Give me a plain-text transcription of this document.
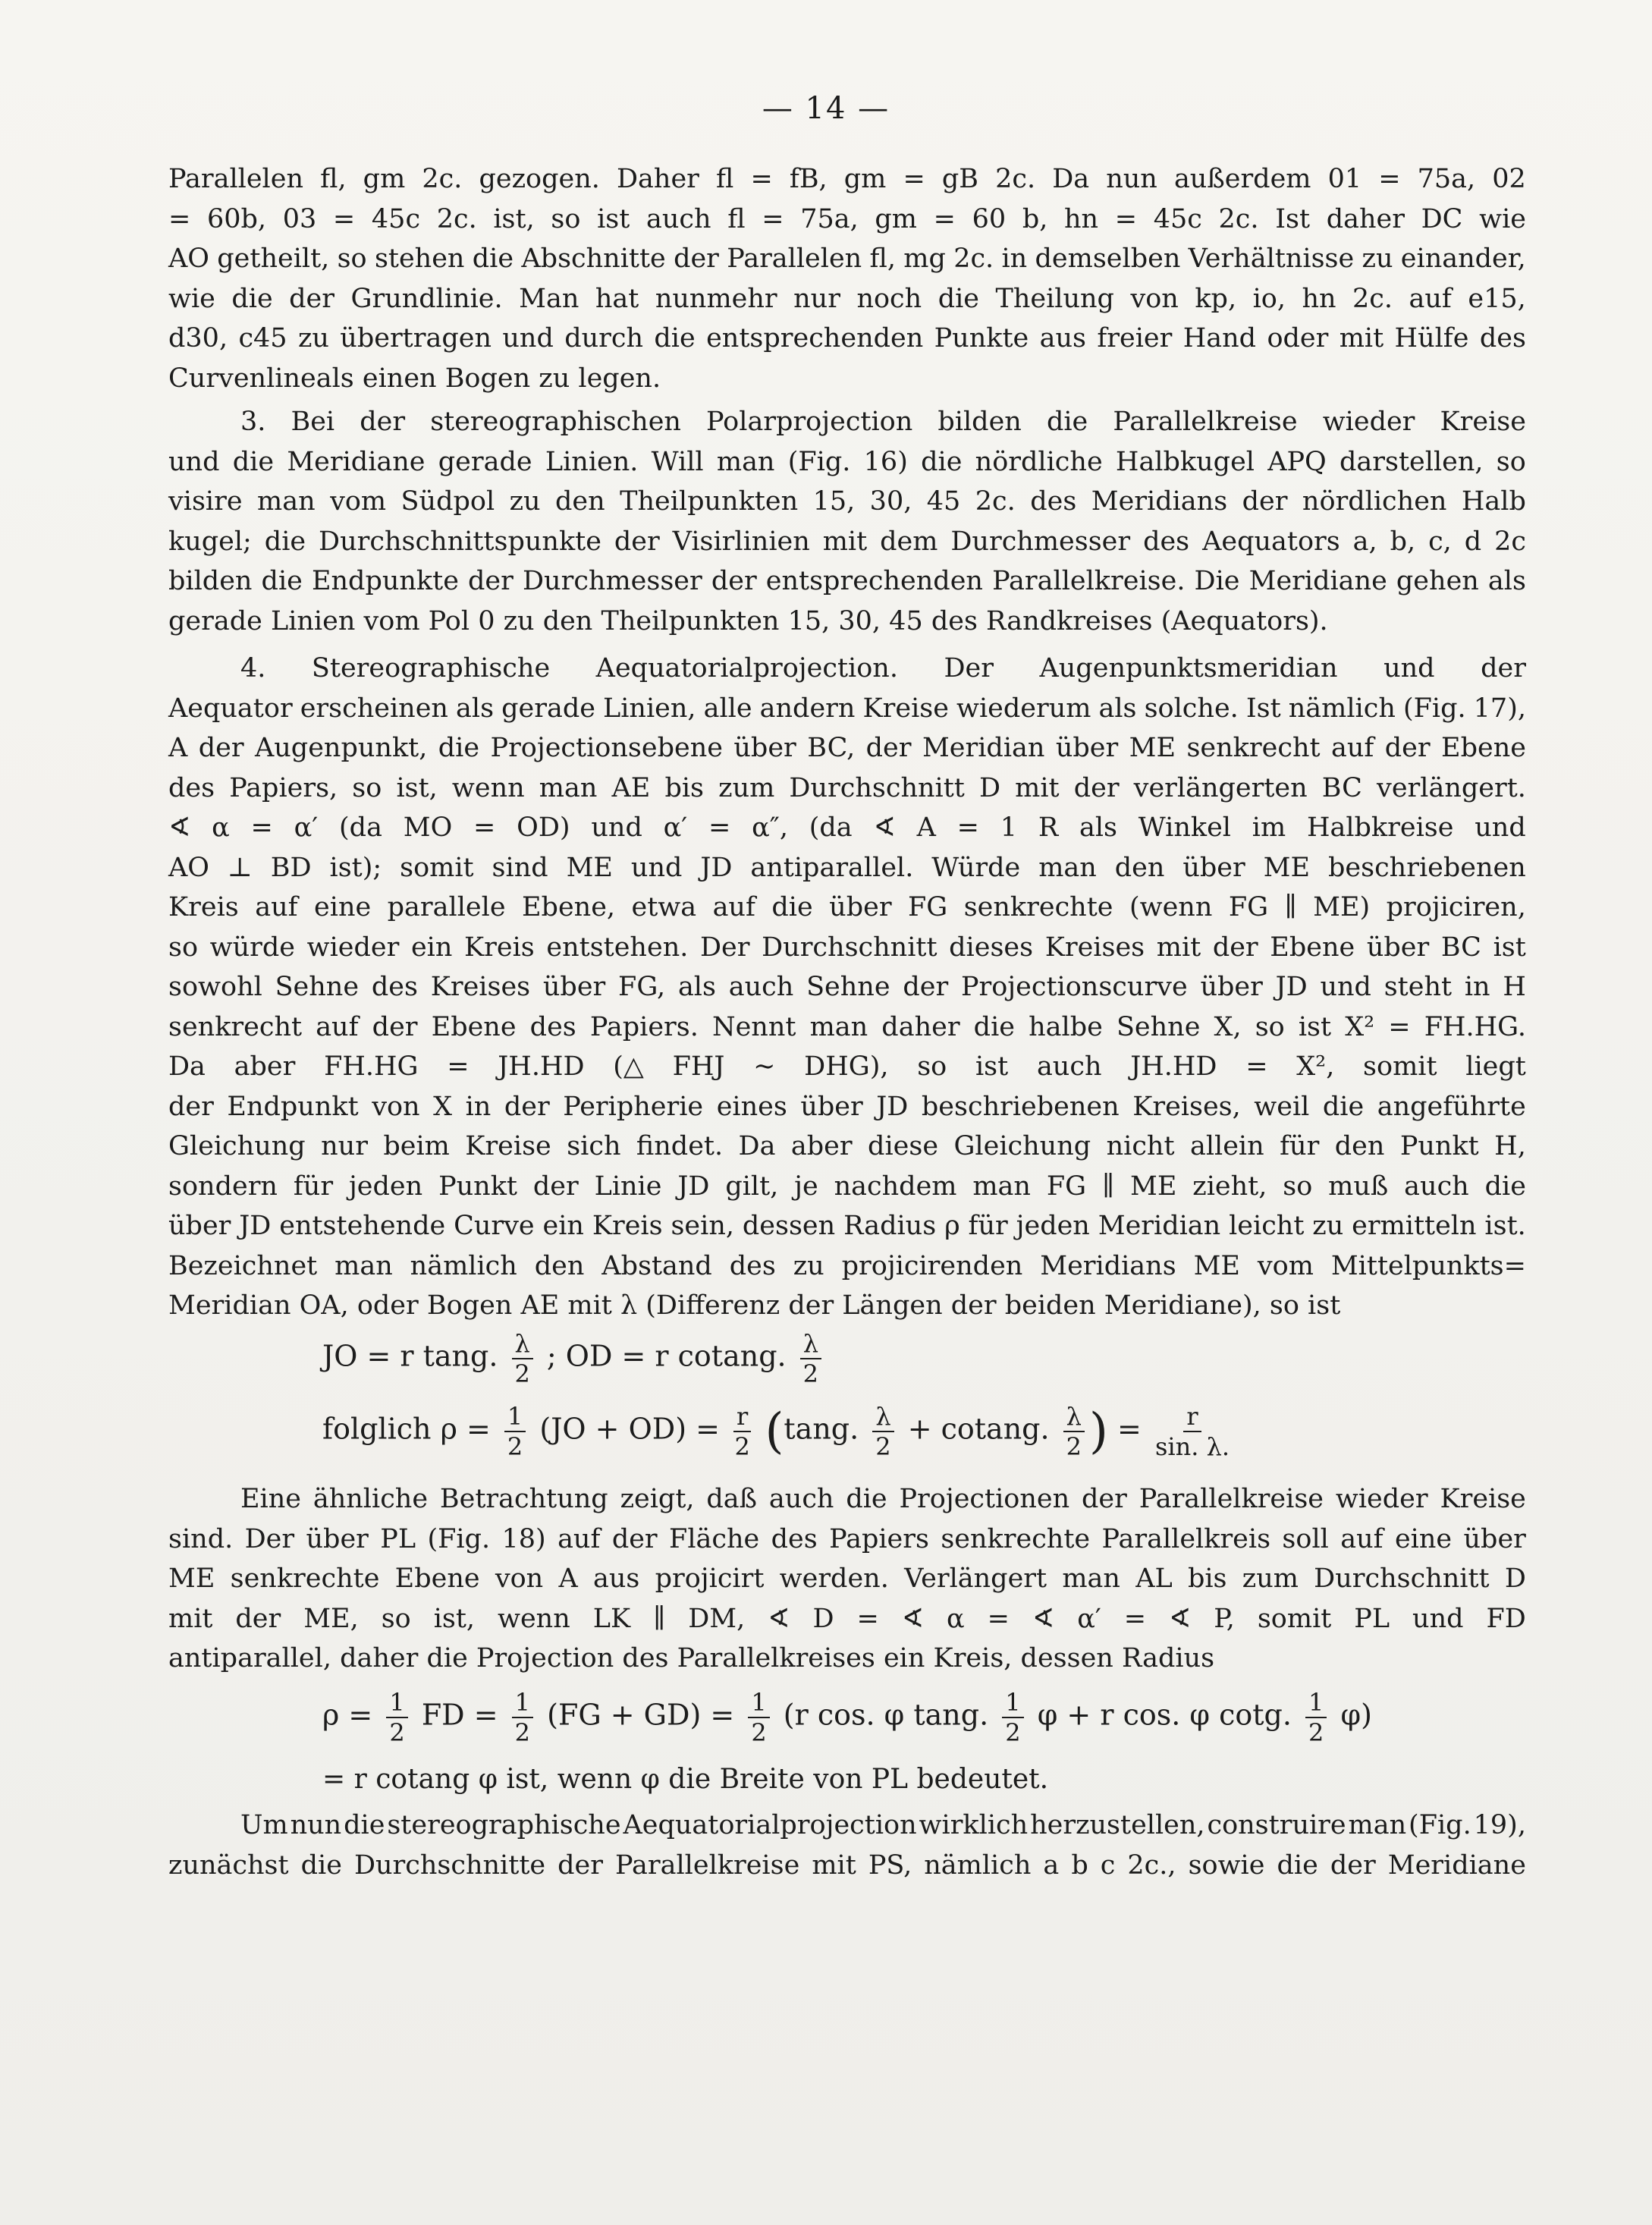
— 14 —
Parallelen fl, gm 2c. gezogen. Daher fl = fB, gm = gB 2c. Da nun außerdem 01 = 75a, 02
= 60b, 03 = 45c 2c. ist, so ist auch fl = 75a, gm = 60 b, hn = 45c 2c. Ist daher DC wie
AO getheilt, so stehen die Abschnitte der Parallelen fl, mg 2c. in demselben Verhältnisse zu einander,
wie die der Grundlinie. Man hat nunmehr nur noch die Theilung von kp, io, hn 2c. auf e15,
d30, c45 zu übertragen und durch die entsprechenden Punkte aus freier Hand oder mit Hülfe des
Curvenlineals einen Bogen zu legen.
3. Bei der stereographischen Polarprojection bilden die Parallelkreise wieder Kreise
und die Meridiane gerade Linien. Will man (Fig. 16) die nördliche Halbkugel APQ darstellen, so
visire man vom Südpol zu den Theilpunkten 15, 30, 45 2c. des Meridians der nördlichen Halb
kugel; die Durchschnittspunkte der Visirlinien mit dem Durchmesser des Aequators a, b, c, d 2c
bilden die Endpunkte der Durchmesser der entsprechenden Parallelkreise. Die Meridiane gehen als
gerade Linien vom Pol 0 zu den Theilpunkten 15, 30, 45 des Randkreises (Aequators).
4. Stereographische Aequatorialprojection. Der Augenpunktsmeridian und der
Aequator erscheinen als gerade Linien, alle andern Kreise wiederum als solche. Ist nämlich (Fig. 17),
A der Augenpunkt, die Projectionsebene über BC, der Meridian über ME senkrecht auf der Ebene
des Papiers, so ist, wenn man AE bis zum Durchschnitt D mit der verlängerten BC verlängert.
∢ α = α′ (da MO = OD) und α′ = α″, (da ∢ A = 1 R als Winkel im Halbkreise und
AO ⊥ BD ist); somit sind ME und JD antiparallel. Würde man den über ME beschriebenen
Kreis auf eine parallele Ebene, etwa auf die über FG senkrechte (wenn FG ∥ ME) projiciren,
so würde wieder ein Kreis entstehen. Der Durchschnitt dieses Kreises mit der Ebene über BC ist
sowohl Sehne des Kreises über FG, als auch Sehne der Projectionscurve über JD und steht in H
senkrecht auf der Ebene des Papiers. Nennt man daher die halbe Sehne X, so ist X² = FH.HG.
Da aber FH.HG = JH.HD (△ FHJ ∼ DHG), so ist auch JH.HD = X², somit liegt
der Endpunkt von X in der Peripherie eines über JD beschriebenen Kreises, weil die angeführte
Gleichung nur beim Kreise sich findet. Da aber diese Gleichung nicht allein für den Punkt H,
sondern für jeden Punkt der Linie JD gilt, je nachdem man FG ∥ ME zieht, so muß auch die
über JD entstehende Curve ein Kreis sein, dessen Radius ρ für jeden Meridian leicht zu ermitteln ist.
Bezeichnet man nämlich den Abstand des zu projicirenden Meridians ME vom Mittelpunkts=
Meridian OA, oder Bogen AE mit λ (Differenz der Längen der beiden Meridiane), so ist
JO = r tang. $\frac{\lambda}{2}$ ; OD = r cotang. $\frac{\lambda}{2}$
folglich $\rho = \frac{1}{2} (JO + OD) = \frac{r}{2} (\tan g$. $\frac{\lambda}{2} + cotang$. $\frac{\lambda}{2}$ ) = $\frac{r}{\sin. \lambda.}$
Eine ähnliche Betrachtung zeigt, daß auch die Projectionen der Parallelkreise wieder Kreise
sind. Der über PL (Fig. 18) auf der Fläche des Papiers senkrechte Parallelkreis soll auf eine über
ME senkrechte Ebene von A aus projicirt werden. Verlängert man AL bis zum Durchschnitt D
mit der ME, so ist, wenn LK ∥ DM, ∢ D = ∢ α = ∢ α′ = ∢ P, somit PL und FD
antiparallel, daher die Projection des Parallelkreises ein Kreis, dessen Radius
$\rho = \frac{1}{2}$ FD = $\frac{1}{2} (FG + GD) = \frac{1}{2} (r$ cos. φ tang. $\frac{1}{2}$ φ + r cos. φ cotg. $\frac{1}{2} \varphi$)
= r cotang φ ist, wenn φ die Breite von PL bedeutet.
Um nun die stereographische Aequatorialprojection wirklich herzustellen, construire man (Fig. 19),
zunächst die Durchschnitte der Parallelkreise mit PS, nämlich a b c 2c., sowie die der Meridiane
